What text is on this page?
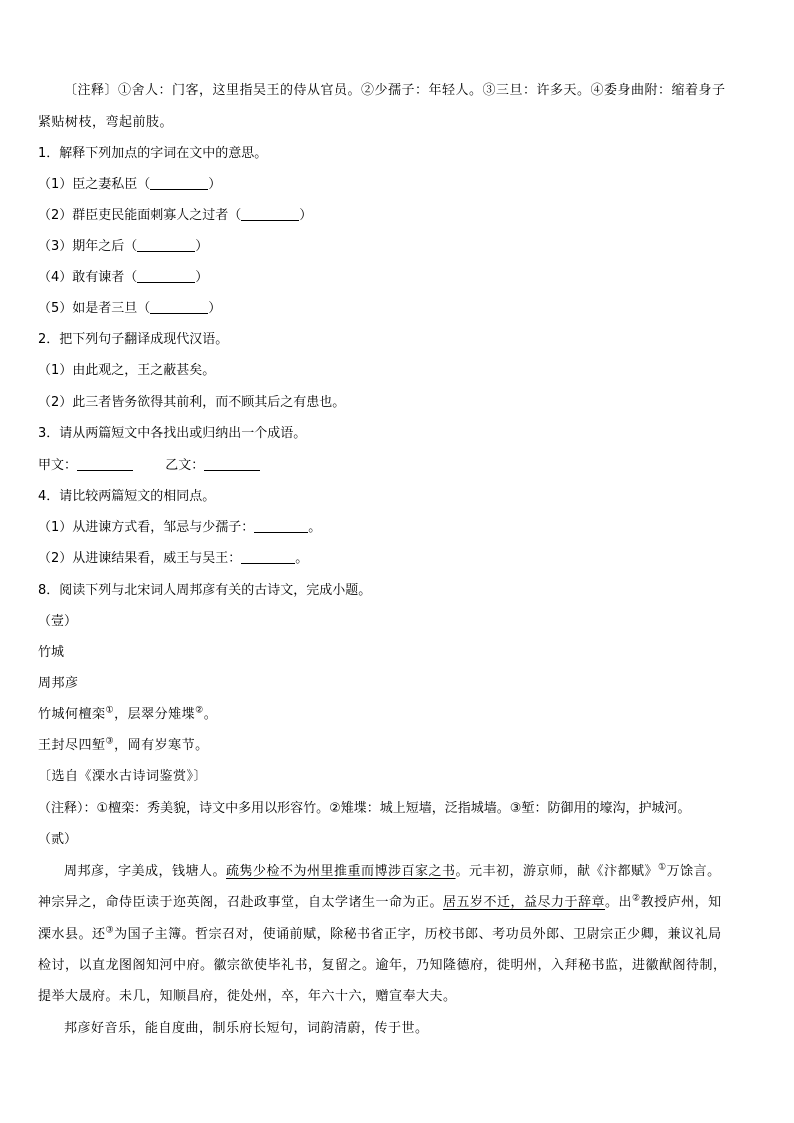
〔注释〕①舍人：门客，这里指吴王的侍从官员。②少孺子：年轻人。③三旦：许多天。④委身曲附：缩着身子
紧贴树枝，弯起前肢。
1．解释下列加点的字词在文中的意思。
（1）臣之妻私臣（	）
（2）群臣吏民能面刺寡人之过者（	）
（3）期年之后（	）
（4）敢有谏者（	）
（5）如是者三旦（	）
2．把下列句子翻译成现代汉语。
（1）由此观之，王之蔽甚矣。
（2）此三者皆务欲得其前利，而不顾其后之有患也。
3．请从两篇短文中各找出或归纳出一个成语。
甲文：	乙文：
4．请比较两篇短文的相同点。
（1）从进谏方式看，邹忌与少孺子：	。
（2）从进谏结果看，威王与吴王：	。
8．阅读下列与北宋词人周邦彦有关的古诗文，完成小题。
（壹）
竹城
周邦彦
竹城何檀栾①，层翠分雉堞②。
王封尽四堑③，岡有岁寒节。
〔选自《溧水古诗词鉴赏》〕
（注释）：①檀栾：秀美貌，诗文中多用以形容竹。②雉堞：城上短墙，泛指城墙。③堑：防御用的壕沟，护城河。
（贰）
周邦彦，字美成，钱塘人。疏隽少检不为州里推重而博涉百家之书。元丰初，游京师，献《汴都赋》①万馀言。
神宗异之，命侍臣读于迩英阁，召赴政事堂，自太学诸生一命为正。居五岁不迁，益尽力于辞章。出②教授庐州，知
溧水县。还③为国子主簿。哲宗召对，使诵前赋，除秘书省正字，历校书郎、考功员外郎、卫尉宗正少卿，兼议礼局
检讨，以直龙图阁知河中府。徽宗欲使毕礼书，复留之。逾年，乃知隆德府，徙明州，入拜秘书监，进徽猷阁待制，
提举大晟府。未几，知顺昌府，徙处州，卒，年六十六，赠宣奉大夫。
邦彦好音乐，能自度曲，制乐府长短句，词韵清蔚，传于世。
